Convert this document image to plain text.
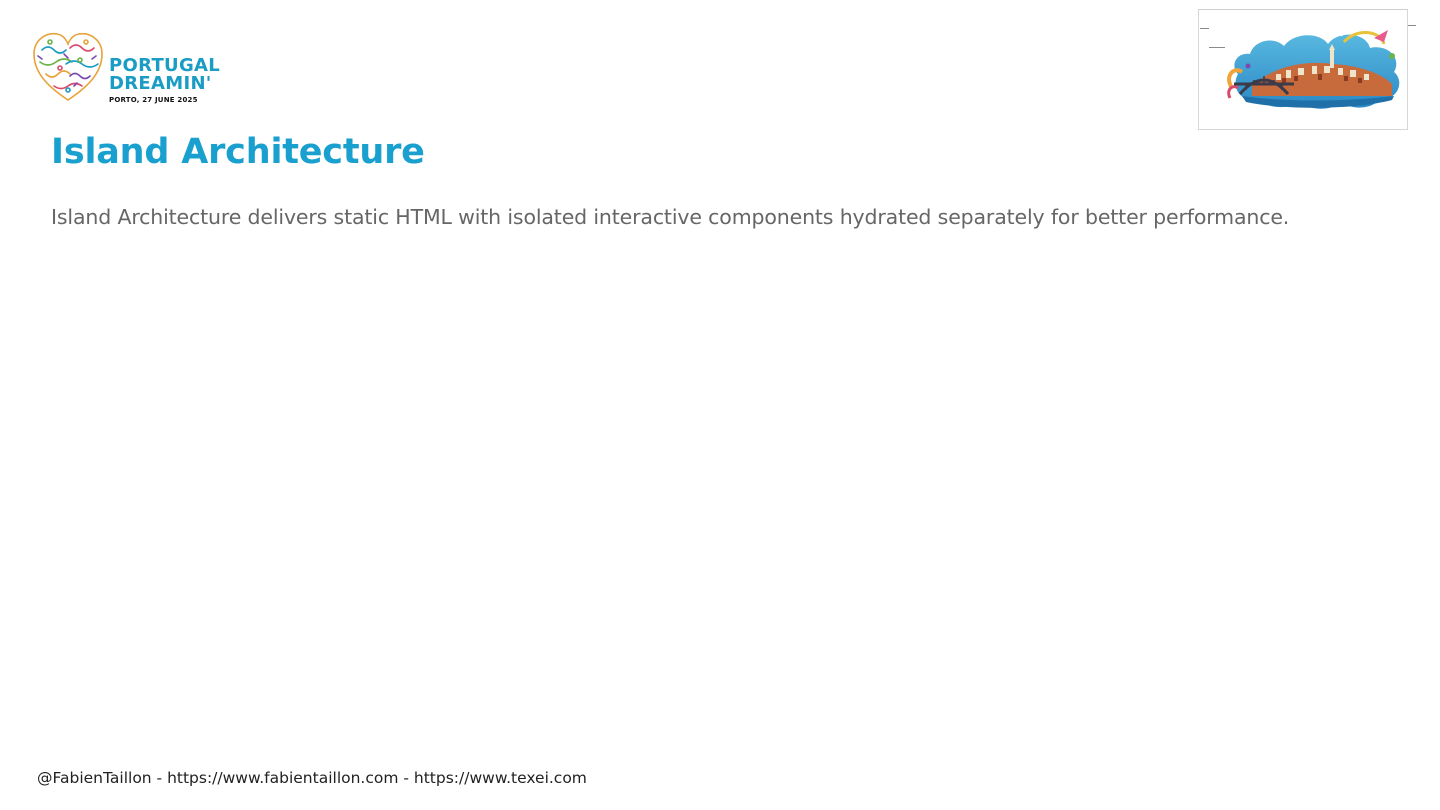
PORTUGAL
DREAMIN'
PORTO, 27 JUNE 2025
Island Architecture

Island Architecture delivers static HTML with isolated interactive components hydrated separately for better performance.

@FabienTaillon - https://www.fabientaillon.com - https://www.texei.com
